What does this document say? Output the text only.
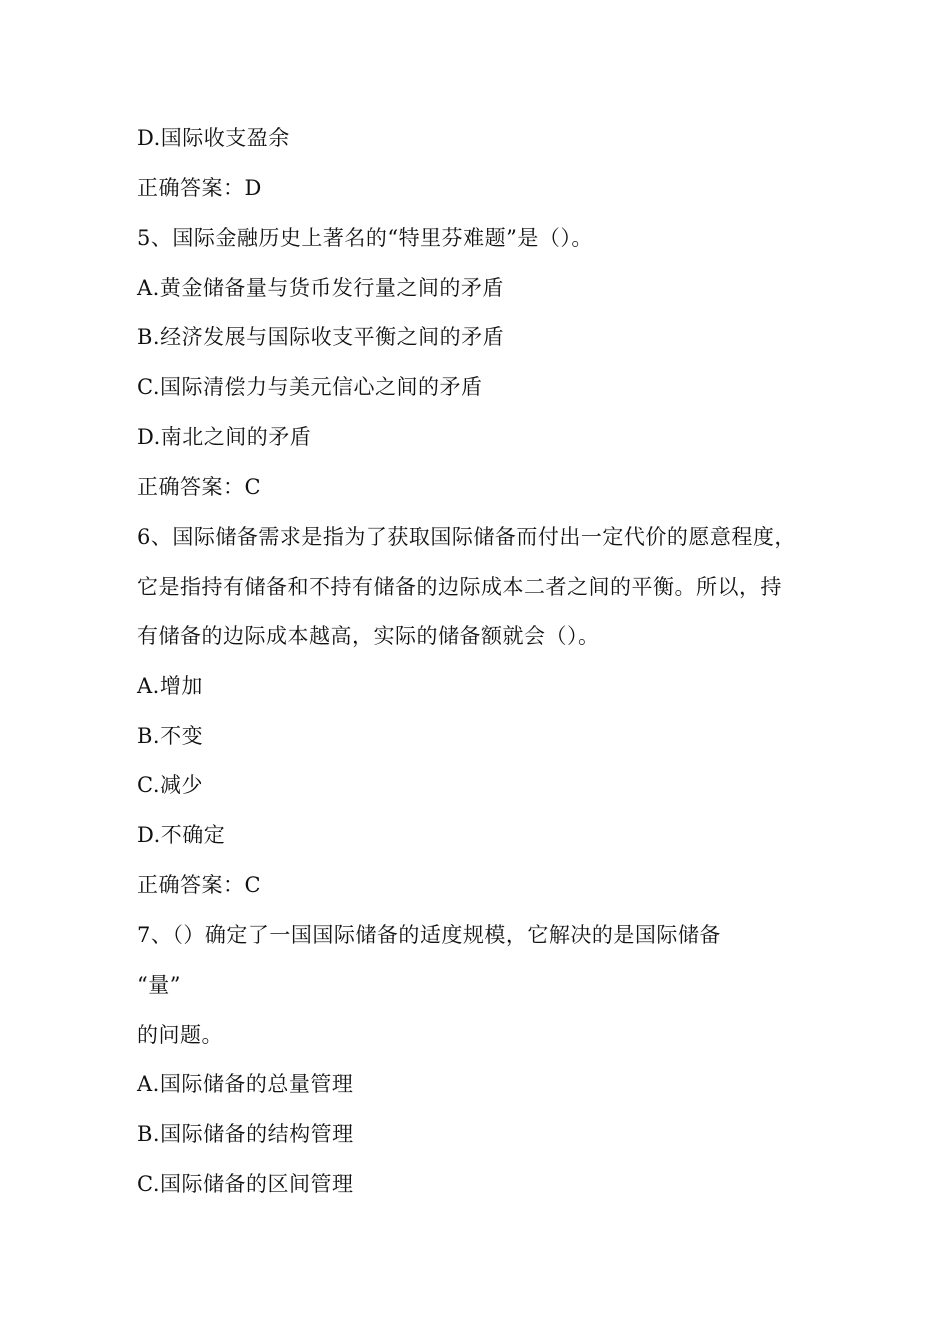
D.国际收支盈余
正确答案：D
5、国际金融历史上著名的“特里芬难题”是（）。
A.黄金储备量与货币发行量之间的矛盾
B.经济发展与国际收支平衡之间的矛盾
C.国际清偿力与美元信心之间的矛盾
D.南北之间的矛盾
正确答案：C
6、国际储备需求是指为了获取国际储备而付出一定代价的愿意程度，
它是指持有储备和不持有储备的边际成本二者之间的平衡。所以，持
有储备的边际成本越高，实际的储备额就会（）。
A.增加
B.不变
C.减少
D.不确定
正确答案：C
7、（）确定了一国国际储备的适度规模，它解决的是国际储备
“量”
的问题。
A.国际储备的总量管理
B.国际储备的结构管理
C.国际储备的区间管理
